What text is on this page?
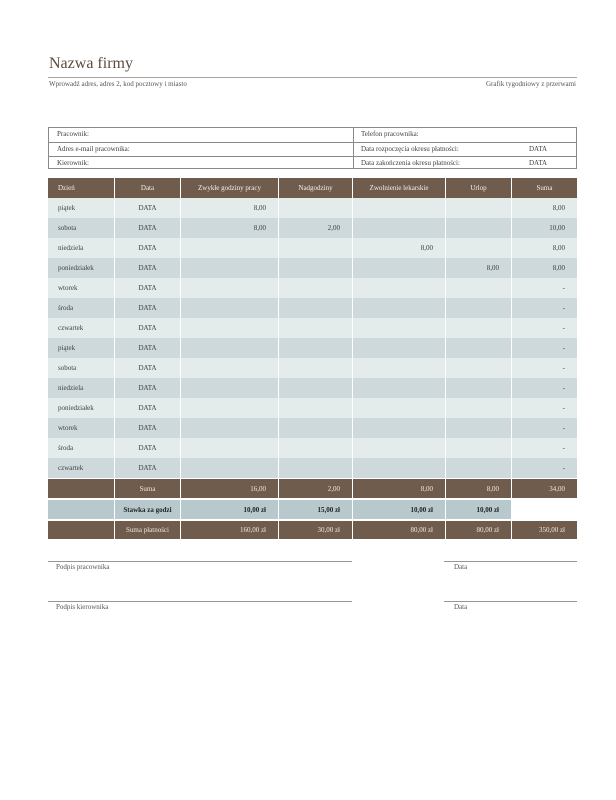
Nazwa firmy
Wprowadź adres, adres 2, kod pocztowy i miasto	Grafik tygodniowy z przerwami
Pracownik:	Telefon pracownika:
Adres e-mail pracownika:	Data rozpoczęcia okresu płatności:	DATA
Kierownik:	Data zakończenia okresu płatności:	DATA
Dzień	Data	Zwykłe godziny pracy	Nadgodziny	Zwolnienie lekarskie	Urlop	Suma
piątek	DATA	8,00				8,00
sobota	DATA	8,00	2,00			10,00
niedziela	DATA			8,00		8,00
poniedziałek	DATA				8,00	8,00
wtorek	DATA					-
środa	DATA					-
czwartek	DATA					-
piątek	DATA					-
sobota	DATA					-
niedziela	DATA					-
poniedziałek	DATA					-
wtorek	DATA					-
środa	DATA					-
czwartek	DATA					-
	Suma	16,00	2,00	8,00	8,00	34,00
	Stawka za godzi	10,00 zł	15,00 zł	10,00 zł	10,00 zł	
	Suma płatności	160,00 zł	30,00 zł	80,00 zł	80,00 zł	350,00 zł
Podpis pracownika	Data
Podpis kierownika	Data
